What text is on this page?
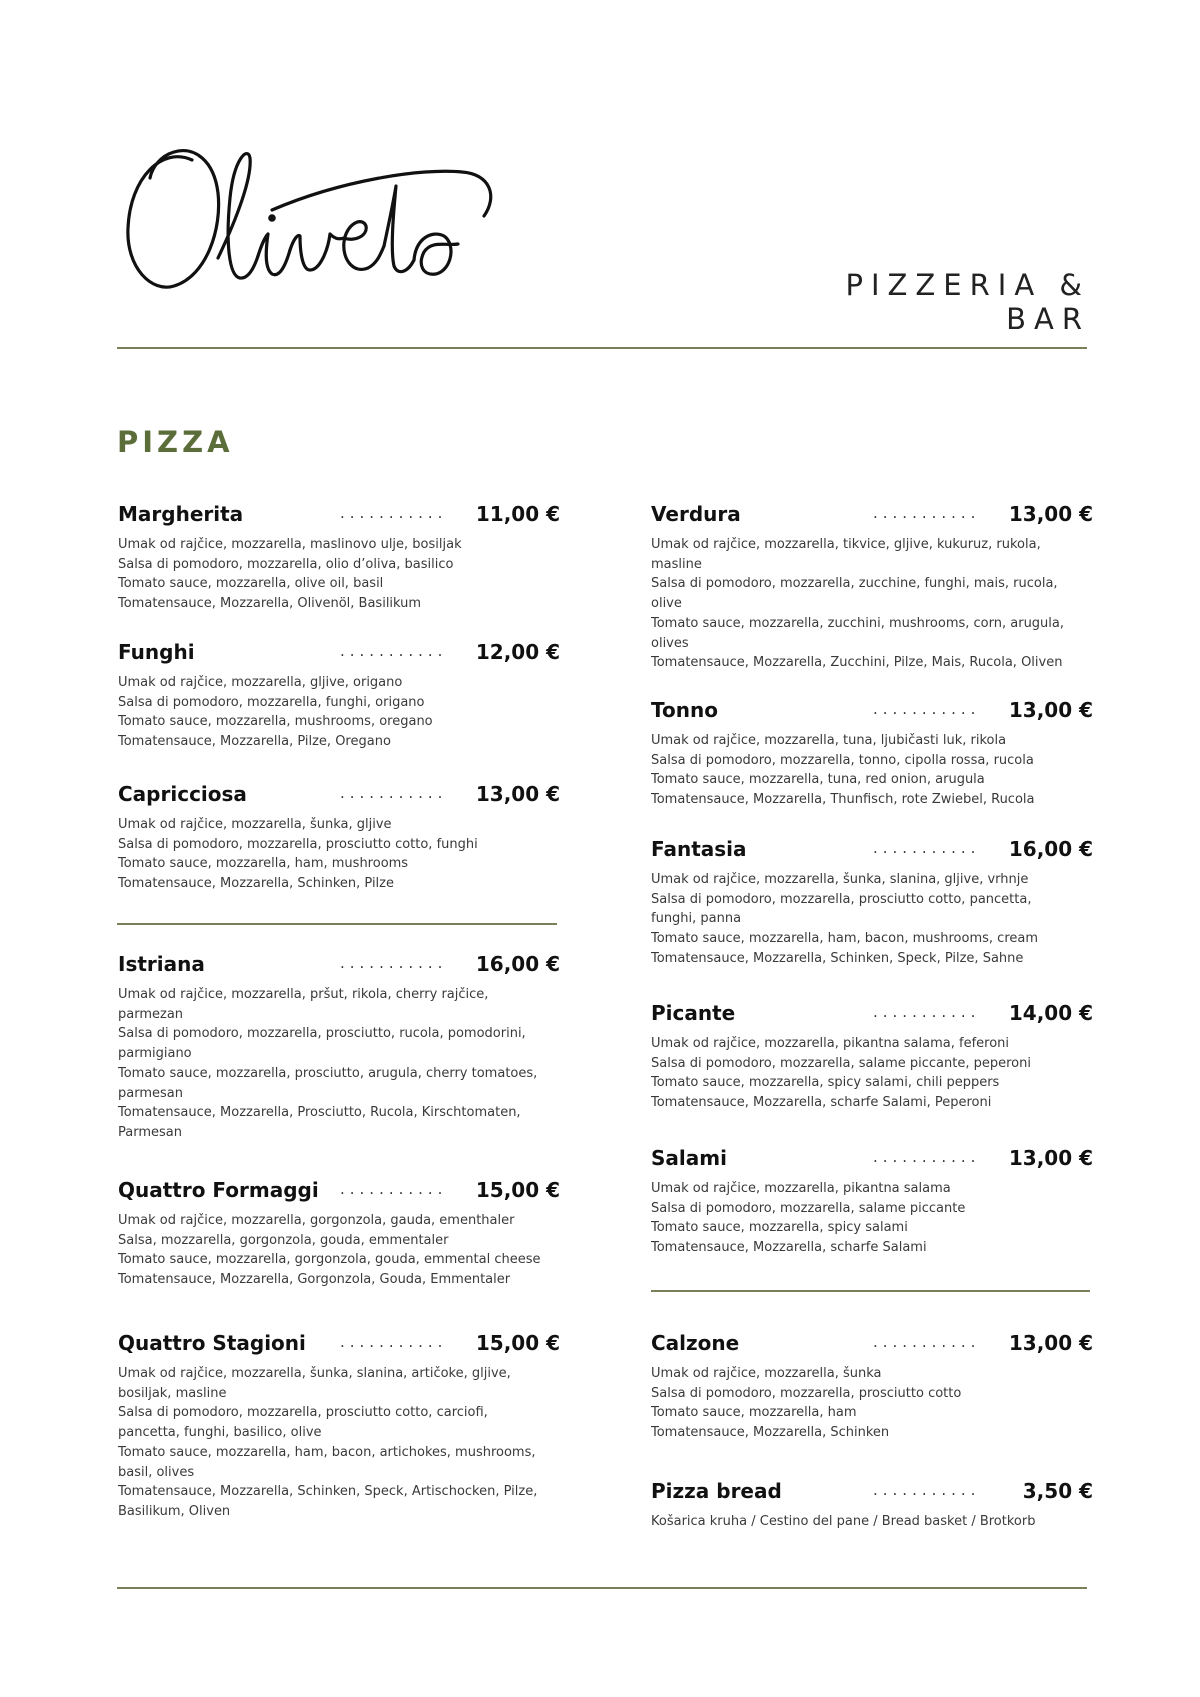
PIZZERIA & BAR
PIZZA
Margherita	........... 11,00 €
Umak od rajčice, mozzarella, maslinovo ulje, bosiljak
Salsa di pomodoro, mozzarella, olio d’oliva, basilico
Tomato sauce, mozzarella, olive oil, basil
Tomatensauce, Mozzarella, Olivenöl, Basilikum
Funghi	........... 12,00 €
Umak od rajčice, mozzarella, gljive, origano
Salsa di pomodoro, mozzarella, funghi, origano
Tomato sauce, mozzarella, mushrooms, oregano
Tomatensauce, Mozzarella, Pilze, Oregano
Capricciosa	........... 13,00 €
Umak od rajčice, mozzarella, šunka, gljive
Salsa di pomodoro, mozzarella, prosciutto cotto, funghi
Tomato sauce, mozzarella, ham, mushrooms
Tomatensauce, Mozzarella, Schinken, Pilze
Istriana	........... 16,00 €
Umak od rajčice, mozzarella, pršut, rikola, cherry rajčice,
parmezan
Salsa di pomodoro, mozzarella, prosciutto, rucola, pomodorini,
parmigiano
Tomato sauce, mozzarella, prosciutto, arugula, cherry tomatoes,
parmesan
Tomatensauce, Mozzarella, Prosciutto, Rucola, Kirschtomaten,
Parmesan
Quattro Formaggi ........... 15,00 €
Umak od rajčice, mozzarella, gorgonzola, gauda, ementhaler
Salsa, mozzarella, gorgonzola, gouda, emmentaler
Tomato sauce, mozzarella, gorgonzola, gouda, emmental cheese
Tomatensauce, Mozzarella, Gorgonzola, Gouda, Emmentaler
Quattro Stagioni ........... 15,00 €
Umak od rajčice, mozzarella, šunka, slanina, artičoke, gljive,
bosiljak, masline
Salsa di pomodoro, mozzarella, prosciutto cotto, carciofi,
pancetta, funghi, basilico, olive
Tomato sauce, mozzarella, ham, bacon, artichokes, mushrooms,
basil, olives
Tomatensauce, Mozzarella, Schinken, Speck, Artischocken, Pilze,
Basilikum, Oliven
Verdura	........... 13,00 €
Umak od rajčice, mozzarella, tikvice, gljive, kukuruz, rukola,
masline
Salsa di pomodoro, mozzarella, zucchine, funghi, mais, rucola,
olive
Tomato sauce, mozzarella, zucchini, mushrooms, corn, arugula,
olives
Tomatensauce, Mozzarella, Zucchini, Pilze, Mais, Rucola, Oliven
Tonno	........... 13,00 €
Umak od rajčice, mozzarella, tuna, ljubičasti luk, rikola
Salsa di pomodoro, mozzarella, tonno, cipolla rossa, rucola
Tomato sauce, mozzarella, tuna, red onion, arugula
Tomatensauce, Mozzarella, Thunfisch, rote Zwiebel, Rucola
Fantasia	........... 16,00 €
Umak od rajčice, mozzarella, šunka, slanina, gljive, vrhnje
Salsa di pomodoro, mozzarella, prosciutto cotto, pancetta,
funghi, panna
Tomato sauce, mozzarella, ham, bacon, mushrooms, cream
Tomatensauce, Mozzarella, Schinken, Speck, Pilze, Sahne
Picante	........... 14,00 €
Umak od rajčice, mozzarella, pikantna salama, feferoni
Salsa di pomodoro, mozzarella, salame piccante, peperoni
Tomato sauce, mozzarella, spicy salami, chili peppers
Tomatensauce, Mozzarella, scharfe Salami, Peperoni
Salami	........... 13,00 €
Umak od rajčice, mozzarella, pikantna salama
Salsa di pomodoro, mozzarella, salame piccante
Tomato sauce, mozzarella, spicy salami
Tomatensauce, Mozzarella, scharfe Salami
Calzone	........... 13,00 €
Umak od rajčice, mozzarella, šunka
Salsa di pomodoro, mozzarella, prosciutto cotto
Tomato sauce, mozzarella, ham
Tomatensauce, Mozzarella, Schinken
Pizza bread	........... 3,50 €
Košarica kruha / Cestino del pane / Bread basket / Brotkorb
